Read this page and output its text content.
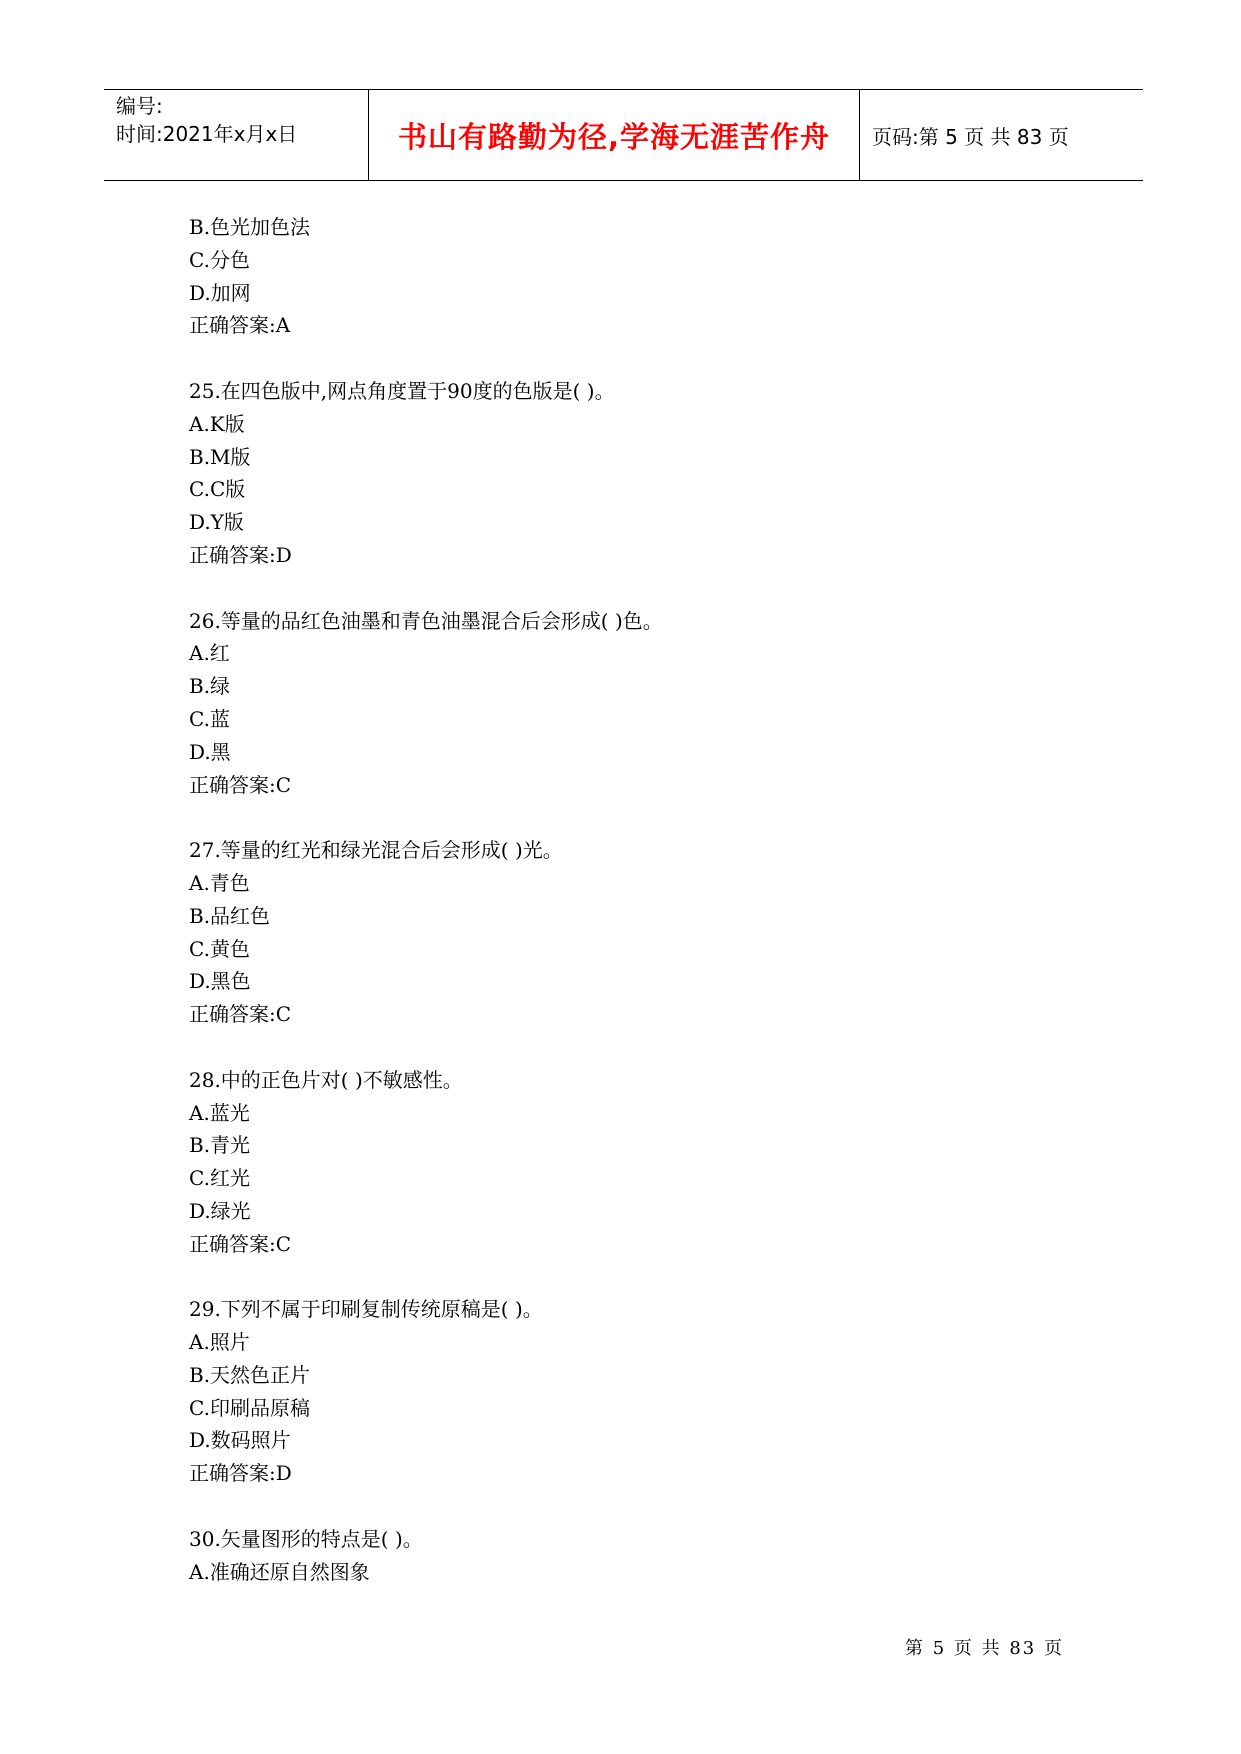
编号:
时间:2021年x月x日	书山有路勤为径,学海无涯苦作舟	页码:第 5 页 共 83 页
B.色光加色法
C.分色
D.加网
正确答案:A
25.在四色版中,网点角度置于90度的色版是( )。
A.K版
B.M版
C.C版
D.Y版
正确答案:D
26.等量的品红色油墨和青色油墨混合后会形成( )色。
A.红
B.绿
C.蓝
D.黑
正确答案:C
27.等量的红光和绿光混合后会形成( )光。
A.青色
B.品红色
C.黄色
D.黑色
正确答案:C
28.中的正色片对( )不敏感性。
A.蓝光
B.青光
C.红光
D.绿光
正确答案:C
29.下列不属于印刷复制传统原稿是( )。
A.照片
B.天然色正片
C.印刷品原稿
D.数码照片
正确答案:D
30.矢量图形的特点是( )。
A.准确还原自然图象
第 5 页 共 83 页
